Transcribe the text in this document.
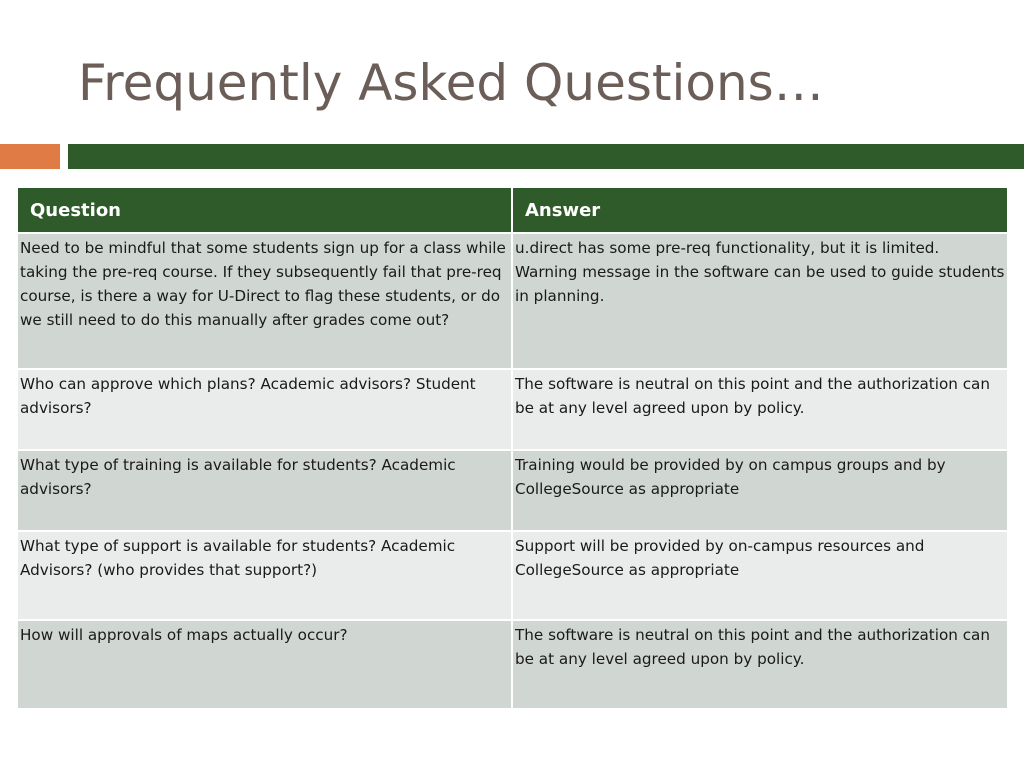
Frequently Asked Questions…
Question	Answer
Need to be mindful that some students sign up for a class while taking the pre-req course. If they subsequently fail that pre-req course, is there a way for U-Direct to flag these students, or do we still need to do this manually after grades come out?	u.direct has some pre-req functionality, but it is limited. Warning message in the software can be used to guide students in planning.
Who can approve which plans? Academic advisors? Student advisors?	The software is neutral on this point and the authorization can be at any level agreed upon by policy.
What type of training is available for students? Academic advisors?	Training would be provided by on campus groups and by CollegeSource as appropriate
What type of support is available for students? Academic Advisors? (who provides that support?)	Support will be provided by on-campus resources and CollegeSource as appropriate
How will approvals of maps actually occur?	The software is neutral on this point and the authorization can be at any level agreed upon by policy.
